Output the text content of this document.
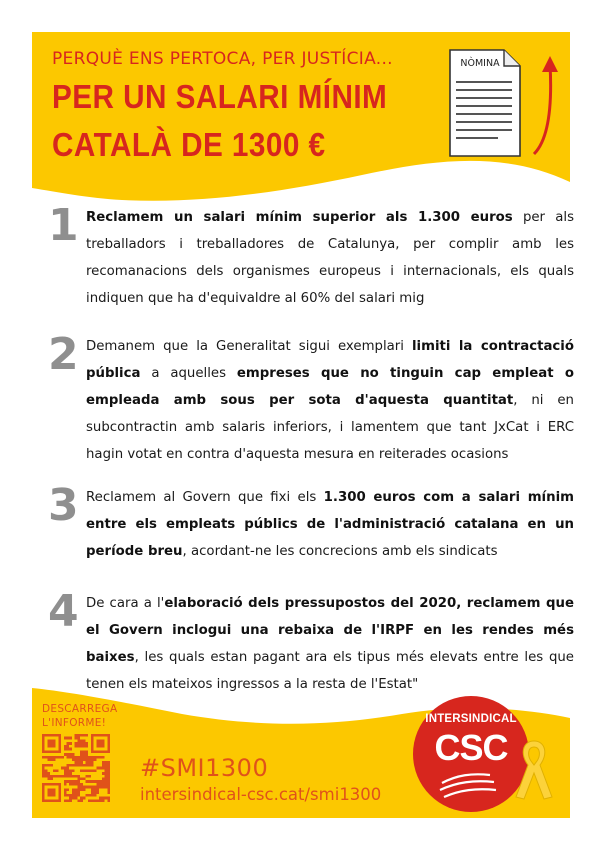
PERQUÈ ENS PERTOCA, PER JUSTÍCIA...
PER UN SALARI MÍNIM
CATALÀ DE 1300 €
NÒMINA
1 Reclamem un salari mínim superior als 1.300 euros per als treballadors i treballadores de Catalunya, per complir amb les recomanacions dels organismes europeus i internacionals, els quals indiquen que ha d'equivaldre al 60% del salari mig
2 Demanem que la Generalitat sigui exemplari limiti la contractació pública a aquelles empreses que no tinguin cap empleat o empleada amb sous per sota d'aquesta quantitat, ni en subcontractin amb salaris inferiors, i lamentem que tant JxCat i ERC hagin votat en contra d'aquesta mesura en reiterades ocasions
3 Reclamem al Govern que fixi els 1.300 euros com a salari mínim entre els empleats públics de l'administració catalana en un període breu, acordant-ne les concrecions amb els sindicats
4 De cara a l'elaboració dels pressupostos del 2020, reclamem que el Govern inclogui una rebaixa de l'IRPF en les rendes més baixes, les quals estan pagant ara els tipus més elevats entre les que tenen els mateixos ingressos a la resta de l'Estat"
DESCARREGA
L'INFORME!
#SMI1300
intersindical-csc.cat/smi1300
INTERSINDICAL
CSC
